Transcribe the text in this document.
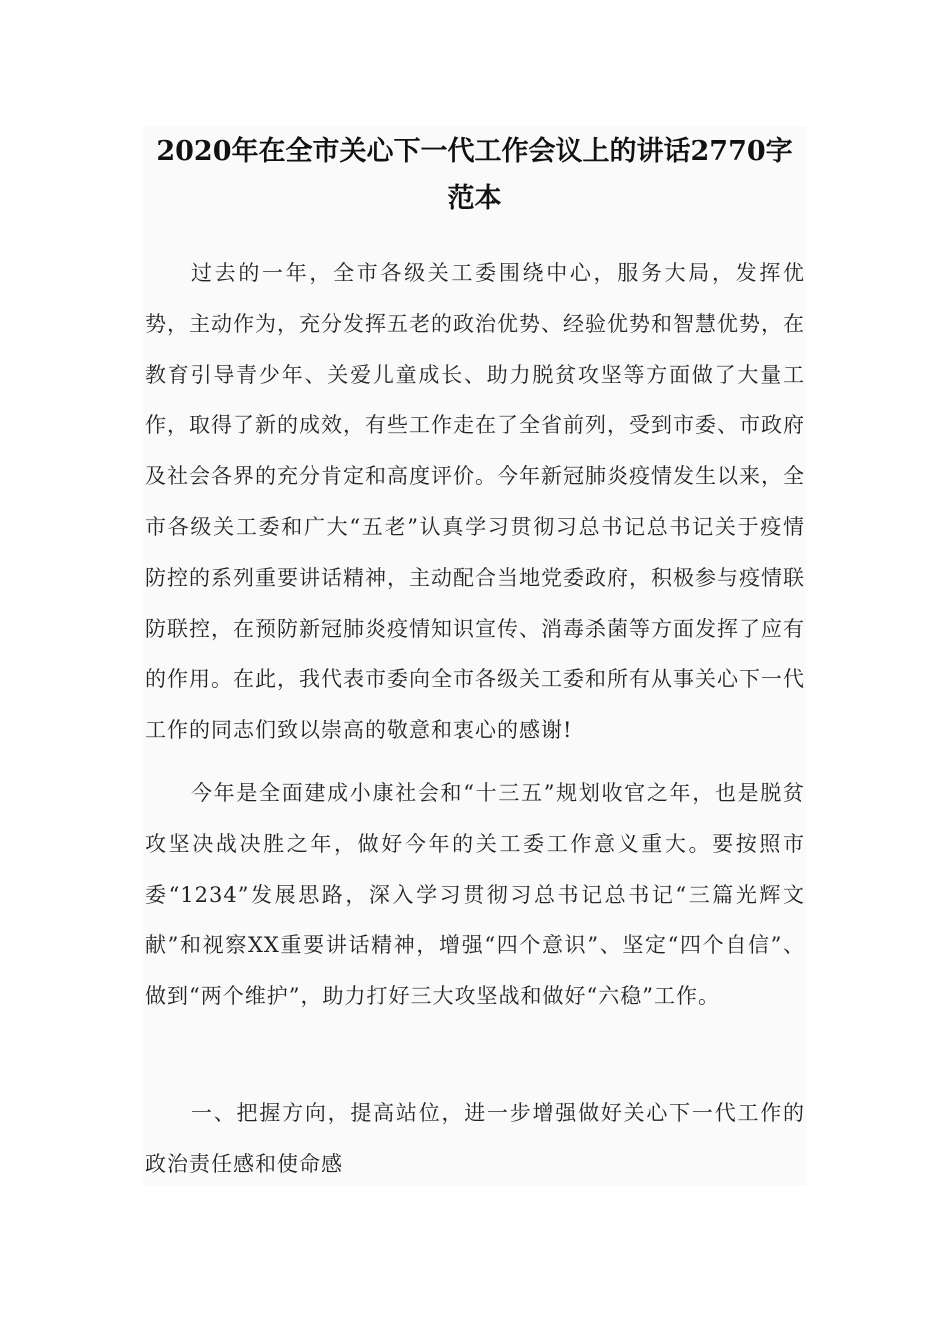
2020年在全市关心下一代工作会议上的讲话2770字范本

过去的一年，全市各级关工委围绕中心，服务大局，发挥优势，主动作为，充分发挥五老的政治优势、经验优势和智慧优势，在教育引导青少年、关爱儿童成长、助力脱贫攻坚等方面做了大量工作，取得了新的成效，有些工作走在了全省前列，受到市委、市政府及社会各界的充分肯定和高度评价。今年新冠肺炎疫情发生以来，全市各级关工委和广大“五老”认真学习贯彻习总书记总书记关于疫情防控的系列重要讲话精神，主动配合当地党委政府，积极参与疫情联防联控，在预防新冠肺炎疫情知识宣传、消毒杀菌等方面发挥了应有的作用。在此，我代表市委向全市各级关工委和所有从事关心下一代工作的同志们致以崇高的敬意和衷心的感谢!

今年是全面建成小康社会和“十三五”规划收官之年，也是脱贫攻坚决战决胜之年，做好今年的关工委工作意义重大。要按照市委“1234”发展思路，深入学习贯彻习总书记总书记“三篇光辉文献”和视察XX重要讲话精神，增强“四个意识”、坚定“四个自信”、做到“两个维护”，助力打好三大攻坚战和做好“六稳”工作。

一、把握方向，提高站位，进一步增强做好关心下一代工作的政治责任感和使命感
